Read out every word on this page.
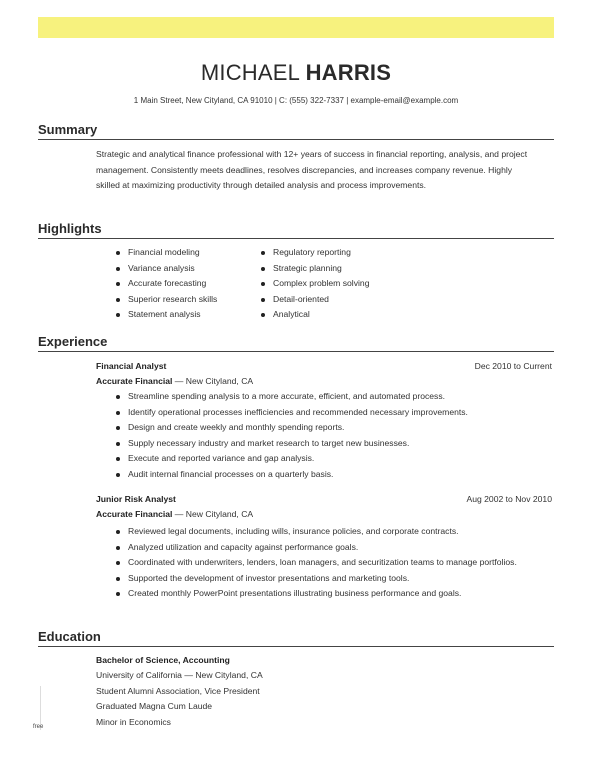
MICHAEL HARRIS
1 Main Street, New Cityland, CA 91010 | C: (555) 322-7337 | example-email@example.com
Summary
Strategic and analytical finance professional with 12+ years of success in financial reporting, analysis, and project management. Consistently meets deadlines, resolves discrepancies, and increases company revenue. Highly skilled at maximizing productivity through detailed analysis and process improvements.
Highlights
Financial modeling
Variance analysis
Accurate forecasting
Superior research skills
Statement analysis
Regulatory reporting
Strategic planning
Complex problem solving
Detail-oriented
Analytical
Experience
Financial Analyst	Dec 2010 to Current
Accurate Financial — New Cityland, CA
Streamline spending analysis to a more accurate, efficient, and automated process.
Identify operational processes inefficiencies and recommended necessary improvements.
Design and create weekly and monthly spending reports.
Supply necessary industry and market research to target new businesses.
Execute and reported variance and gap analysis.
Audit internal financial processes on a quarterly basis.
Junior Risk Analyst	Aug 2002 to Nov 2010
Accurate Financial — New Cityland, CA
Reviewed legal documents, including wills, insurance policies, and corporate contracts.
Analyzed utilization and capacity against performance goals.
Coordinated with underwriters, lenders, loan managers, and securitization teams to manage portfolios.
Supported the development of investor presentations and marketing tools.
Created monthly PowerPoint presentations illustrating business performance and goals.
Education
Bachelor of Science, Accounting
University of California — New Cityland, CA
Student Alumni Association, Vice President
Graduated Magna Cum Laude
Minor in Economics
free
